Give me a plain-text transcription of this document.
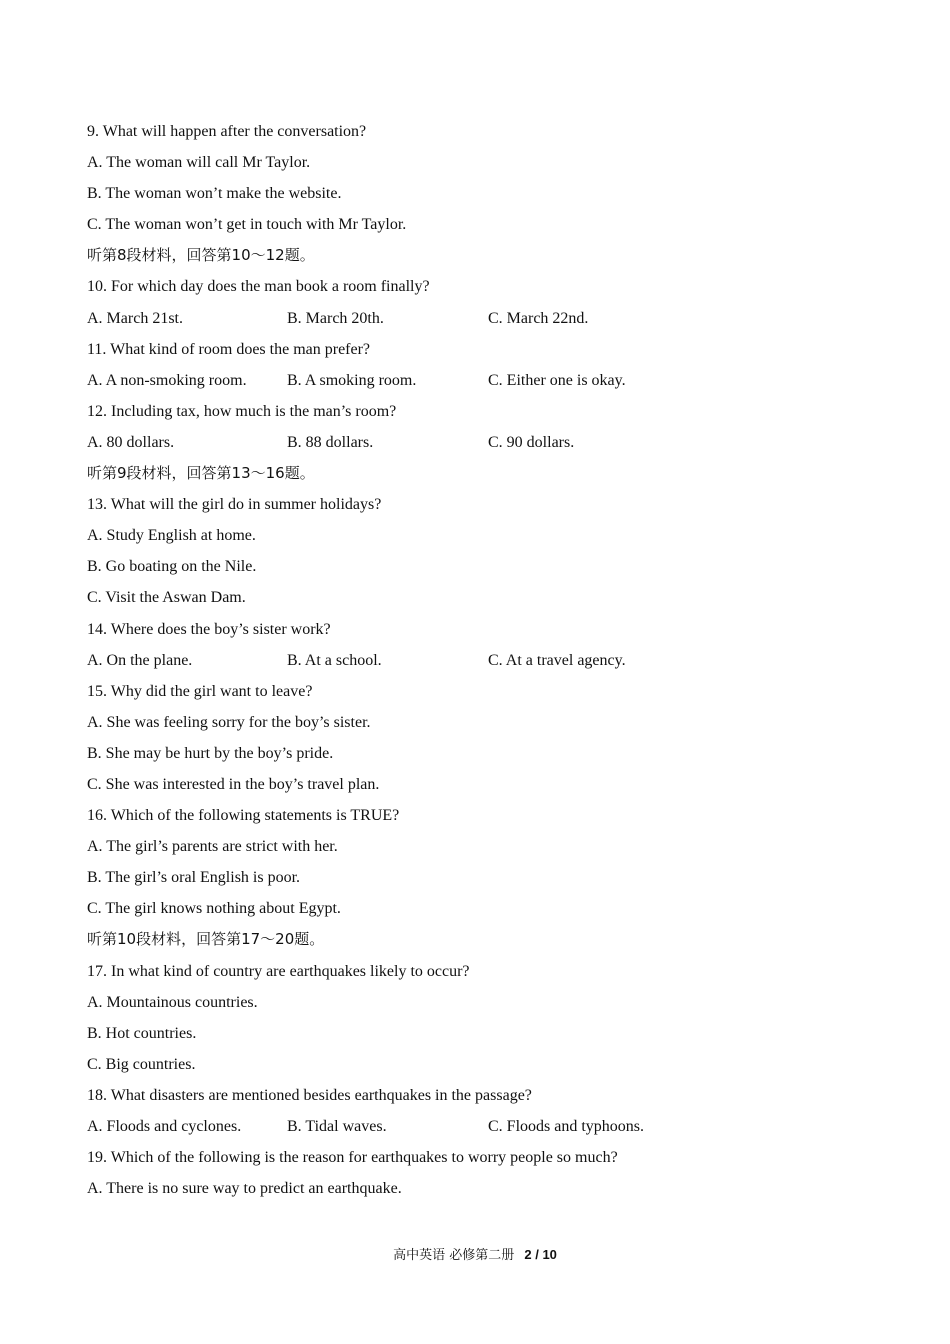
9. What will happen after the conversation?
A. The woman will call Mr Taylor.
B. The woman won’t make the website.
C. The woman won’t get in touch with Mr Taylor.
听第8段材料，回答第10～12题。
10. For which day does the man book a room finally?
A. March 21st.	B. March 20th.	C. March 22nd.
11. What kind of room does the man prefer?
A. A non-smoking room.	B. A smoking room.	C. Either one is okay.
12. Including tax, how much is the man’s room?
A. 80 dollars.	B. 88 dollars.	C. 90 dollars.
听第9段材料，回答第13～16题。
13. What will the girl do in summer holidays?
A. Study English at home.
B. Go boating on the Nile.
C. Visit the Aswan Dam.
14. Where does the boy’s sister work?
A. On the plane.	B. At a school.	C. At a travel agency.
15. Why did the girl want to leave?
A. She was feeling sorry for the boy’s sister.
B. She may be hurt by the boy’s pride.
C. She was interested in the boy’s travel plan.
16. Which of the following statements is TRUE?
A. The girl’s parents are strict with her.
B. The girl’s oral English is poor.
C. The girl knows nothing about Egypt.
听第10段材料，回答第17～20题。
17. In what kind of country are earthquakes likely to occur?
A. Mountainous countries.
B. Hot countries.
C. Big countries.
18. What disasters are mentioned besides earthquakes in the passage?
A. Floods and cyclones.	B. Tidal waves.	C. Floods and typhoons.
19. Which of the following is the reason for earthquakes to worry people so much?
A. There is no sure way to predict an earthquake.
高中英语 必修第二册 2 / 10
